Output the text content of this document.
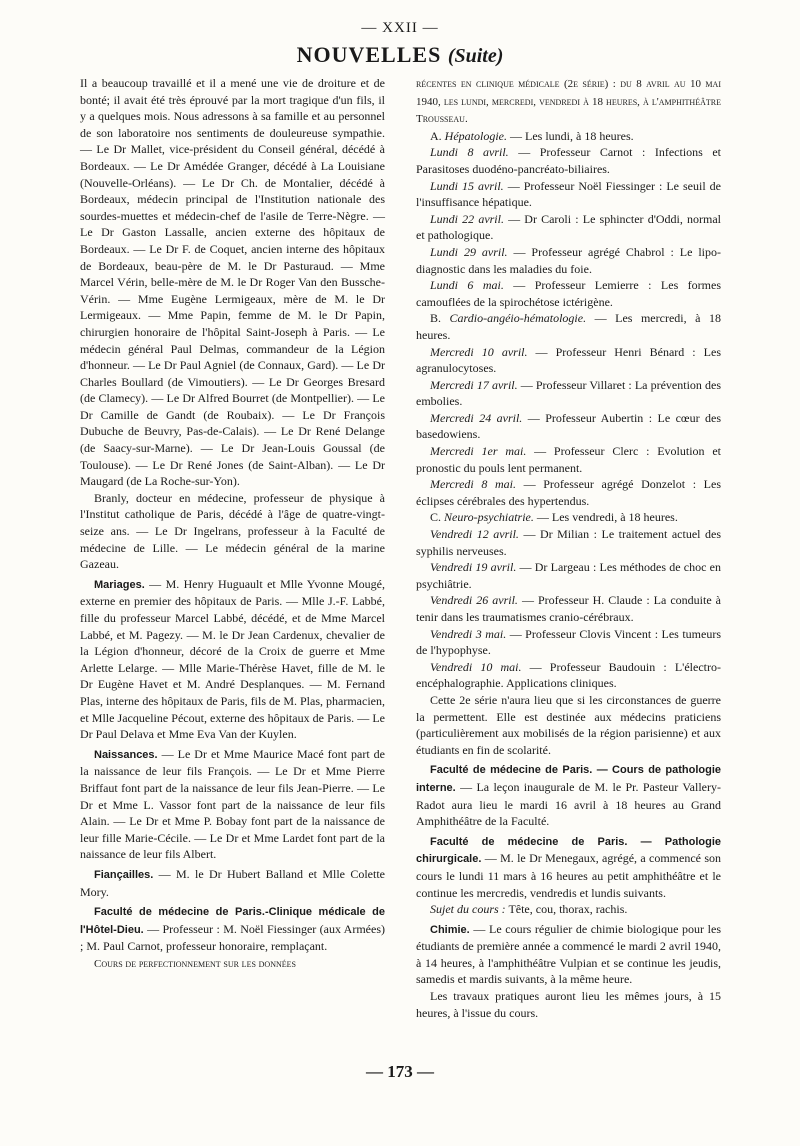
— XXII —
NOUVELLES (Suite)

Il a beaucoup travaillé et il a mené une vie de droiture et de bonté; il avait été très éprouvé par la mort tragique d'un fils, il y a quelques mois. Nous adressons à sa famille et au personnel de son laboratoire nos sentiments de douleureuse sympathie. — Le Dr Mallet, vice-président du Conseil général, décédé à Bordeaux. — Le Dr Amédée Granger, décédé à La Louisiane (Nouvelle-Orléans). — Le Dr Ch. de Montalier, décédé à Bordeaux, médecin principal de l'Institution nationale des sourdes-muettes et médecin-chef de l'asile de Terre-Nègre. — Le Dr Gaston Lassalle, ancien externe des hôpitaux de Bordeaux. — Le Dr F. de Coquet, ancien interne des hôpitaux de Bordeaux, beau-père de M. le Dr Pasturaud. — Mme Marcel Vérin, belle-mère de M. le Dr Roger Van den Bussche-Vérin. — Mme Eugène Lermigeaux, mère de M. le Dr Lermigeaux. — Mme Papin, femme de M. le Dr Papin, chirurgien honoraire de l'hôpital Saint-Joseph à Paris. — Le médecin général Paul Delmas, commandeur de la Légion d'honneur. — Le Dr Paul Agniel (de Connaux, Gard). — Le Dr Charles Boullard (de Vimoutiers). — Le Dr Georges Bresard (de Clamecy). — Le Dr Alfred Bourret (de Montpellier). — Le Dr Camille de Gandt (de Roubaix). — Le Dr François Dubuche de Beuvry, Pas-de-Calais). — Le Dr René Delange (de Saacy-sur-Marne). — Le Dr Jean-Louis Goussal (de Toulouse). — Le Dr René Jones (de Saint-Alban). — Le Dr Maugard (de La Roche-sur-Yon).

Branly, docteur en médecine, professeur de physique à l'Institut catholique de Paris, décédé à l'âge de quatre-vingt-seize ans. — Le Dr Ingelrans, professeur à la Faculté de médecine de Lille. — Le médecin général de la marine Gazeau.

Mariages. — M. Henry Huguault et Mlle Yvonne Mougé, externe en premier des hôpitaux de Paris. — Mlle J.-F. Labbé, fille du professeur Marcel Labbé, décédé, et de Mme Marcel Labbé, et M. Pagezy. — M. le Dr Jean Cardenux, chevalier de la Légion d'honneur, décoré de la Croix de guerre et Mme Arlette Lelarge. — Mlle Marie-Thérèse Havet, fille de M. le Dr Eugène Havet et M. André Desplanques. — M. Fernand Plas, interne des hôpitaux de Paris, fils de M. Plas, pharmacien, et Mlle Jacqueline Pécout, externe des hôpitaux de Paris. — Le Dr Paul Delava et Mme Eva Van der Kuylen.

Naissances. — Le Dr et Mme Maurice Macé font part de la naissance de leur fils François. — Le Dr et Mme Pierre Briffaut font part de la naissance de leur fils Jean-Pierre. — Le Dr et Mme L. Vassor font part de la naissance de leur fils Alain. — Le Dr et Mme P. Bobay font part de la naissance de leur fille Marie-Cécile. — Le Dr et Mme Lardet font part de la naissance de leur fils Albert.

Fiançailles. — M. le Dr Hubert Balland et Mlle Colette Mory.

Faculté de médecine de Paris.-Clinique médicale de l'Hôtel-Dieu. — Professeur : M. Noël Fiessinger (aux Armées) ; M. Paul Carnot, professeur honoraire, remplaçant.

Cours de perfectionnement sur les données

récentes en clinique médicale (2e série) : du 8 avril au 10 mai 1940, les lundi, mercredi, vendredi à 18 heures, à l'amphithéâtre Trousseau.

A. Hépatologie. — Les lundi, à 18 heures.

Lundi 8 avril. — Professeur Carnot : Infections et Parasitoses duodéno-pancréato-biliaires.

Lundi 15 avril. — Professeur Noël Fiessinger : Le seuil de l'insuffisance hépatique.

Lundi 22 avril. — Dr Caroli : Le sphincter d'Oddi, normal et pathologique.

Lundi 29 avril. — Professeur agrégé Chabrol : Le lipo-diagnostic dans les maladies du foie.

Lundi 6 mai. — Professeur Lemierre : Les formes camouflées de la spirochétose ictérigène.

B. Cardio-angéio-hématologie. — Les mercredi, à 18 heures.

Mercredi 10 avril. — Professeur Henri Bénard : Les agranulocytoses.

Mercredi 17 avril. — Professeur Villaret : La prévention des embolies.

Mercredi 24 avril. — Professeur Aubertin : Le cœur des basedowiens.

Mercredi 1er mai. — Professeur Clerc : Evolution et pronostic du pouls lent permanent.

Mercredi 8 mai. — Professeur agrégé Donzelot : Les éclipses cérébrales des hypertendus.

C. Neuro-psychiatrie. — Les vendredi, à 18 heures.

Vendredi 12 avril. — Dr Milian : Le traitement actuel des syphilis nerveuses.

Vendredi 19 avril. — Dr Largeau : Les méthodes de choc en psychiâtrie.

Vendredi 26 avril. — Professeur H. Claude : La conduite à tenir dans les traumatismes cranio-cérébraux.

Vendredi 3 mai. — Professeur Clovis Vincent : Les tumeurs de l'hypophyse.

Vendredi 10 mai. — Professeur Baudouin : L'électro-encéphalographie. Applications cliniques.

Cette 2e série n'aura lieu que si les circonstances de guerre la permettent. Elle est destinée aux médecins praticiens (particulièrement aux mobilisés de la région parisienne) et aux étudiants en fin de scolarité.

Faculté de médecine de Paris. — Cours de pathologie interne. — La leçon inaugurale de M. le Pr. Pasteur Vallery-Radot aura lieu le mardi 16 avril à 18 heures au Grand Amphithéâtre de la Faculté.

Faculté de médecine de Paris. — Pathologie chirurgicale. — M. le Dr Menegaux, agrégé, a commencé son cours le lundi 11 mars à 16 heures au petit amphithéâtre et le continue les mercredis, vendredis et lundis suivants.

Sujet du cours : Tête, cou, thorax, rachis.

Chimie. — Le cours régulier de chimie biologique pour les étudiants de première année a commencé le mardi 2 avril 1940, à 14 heures, à l'amphithéâtre Vulpian et se continue les jeudis, samedis et mardis suivants, à la même heure.

Les travaux pratiques auront lieu les mêmes jours, à 15 heures, à l'issue du cours.

— 173 —
